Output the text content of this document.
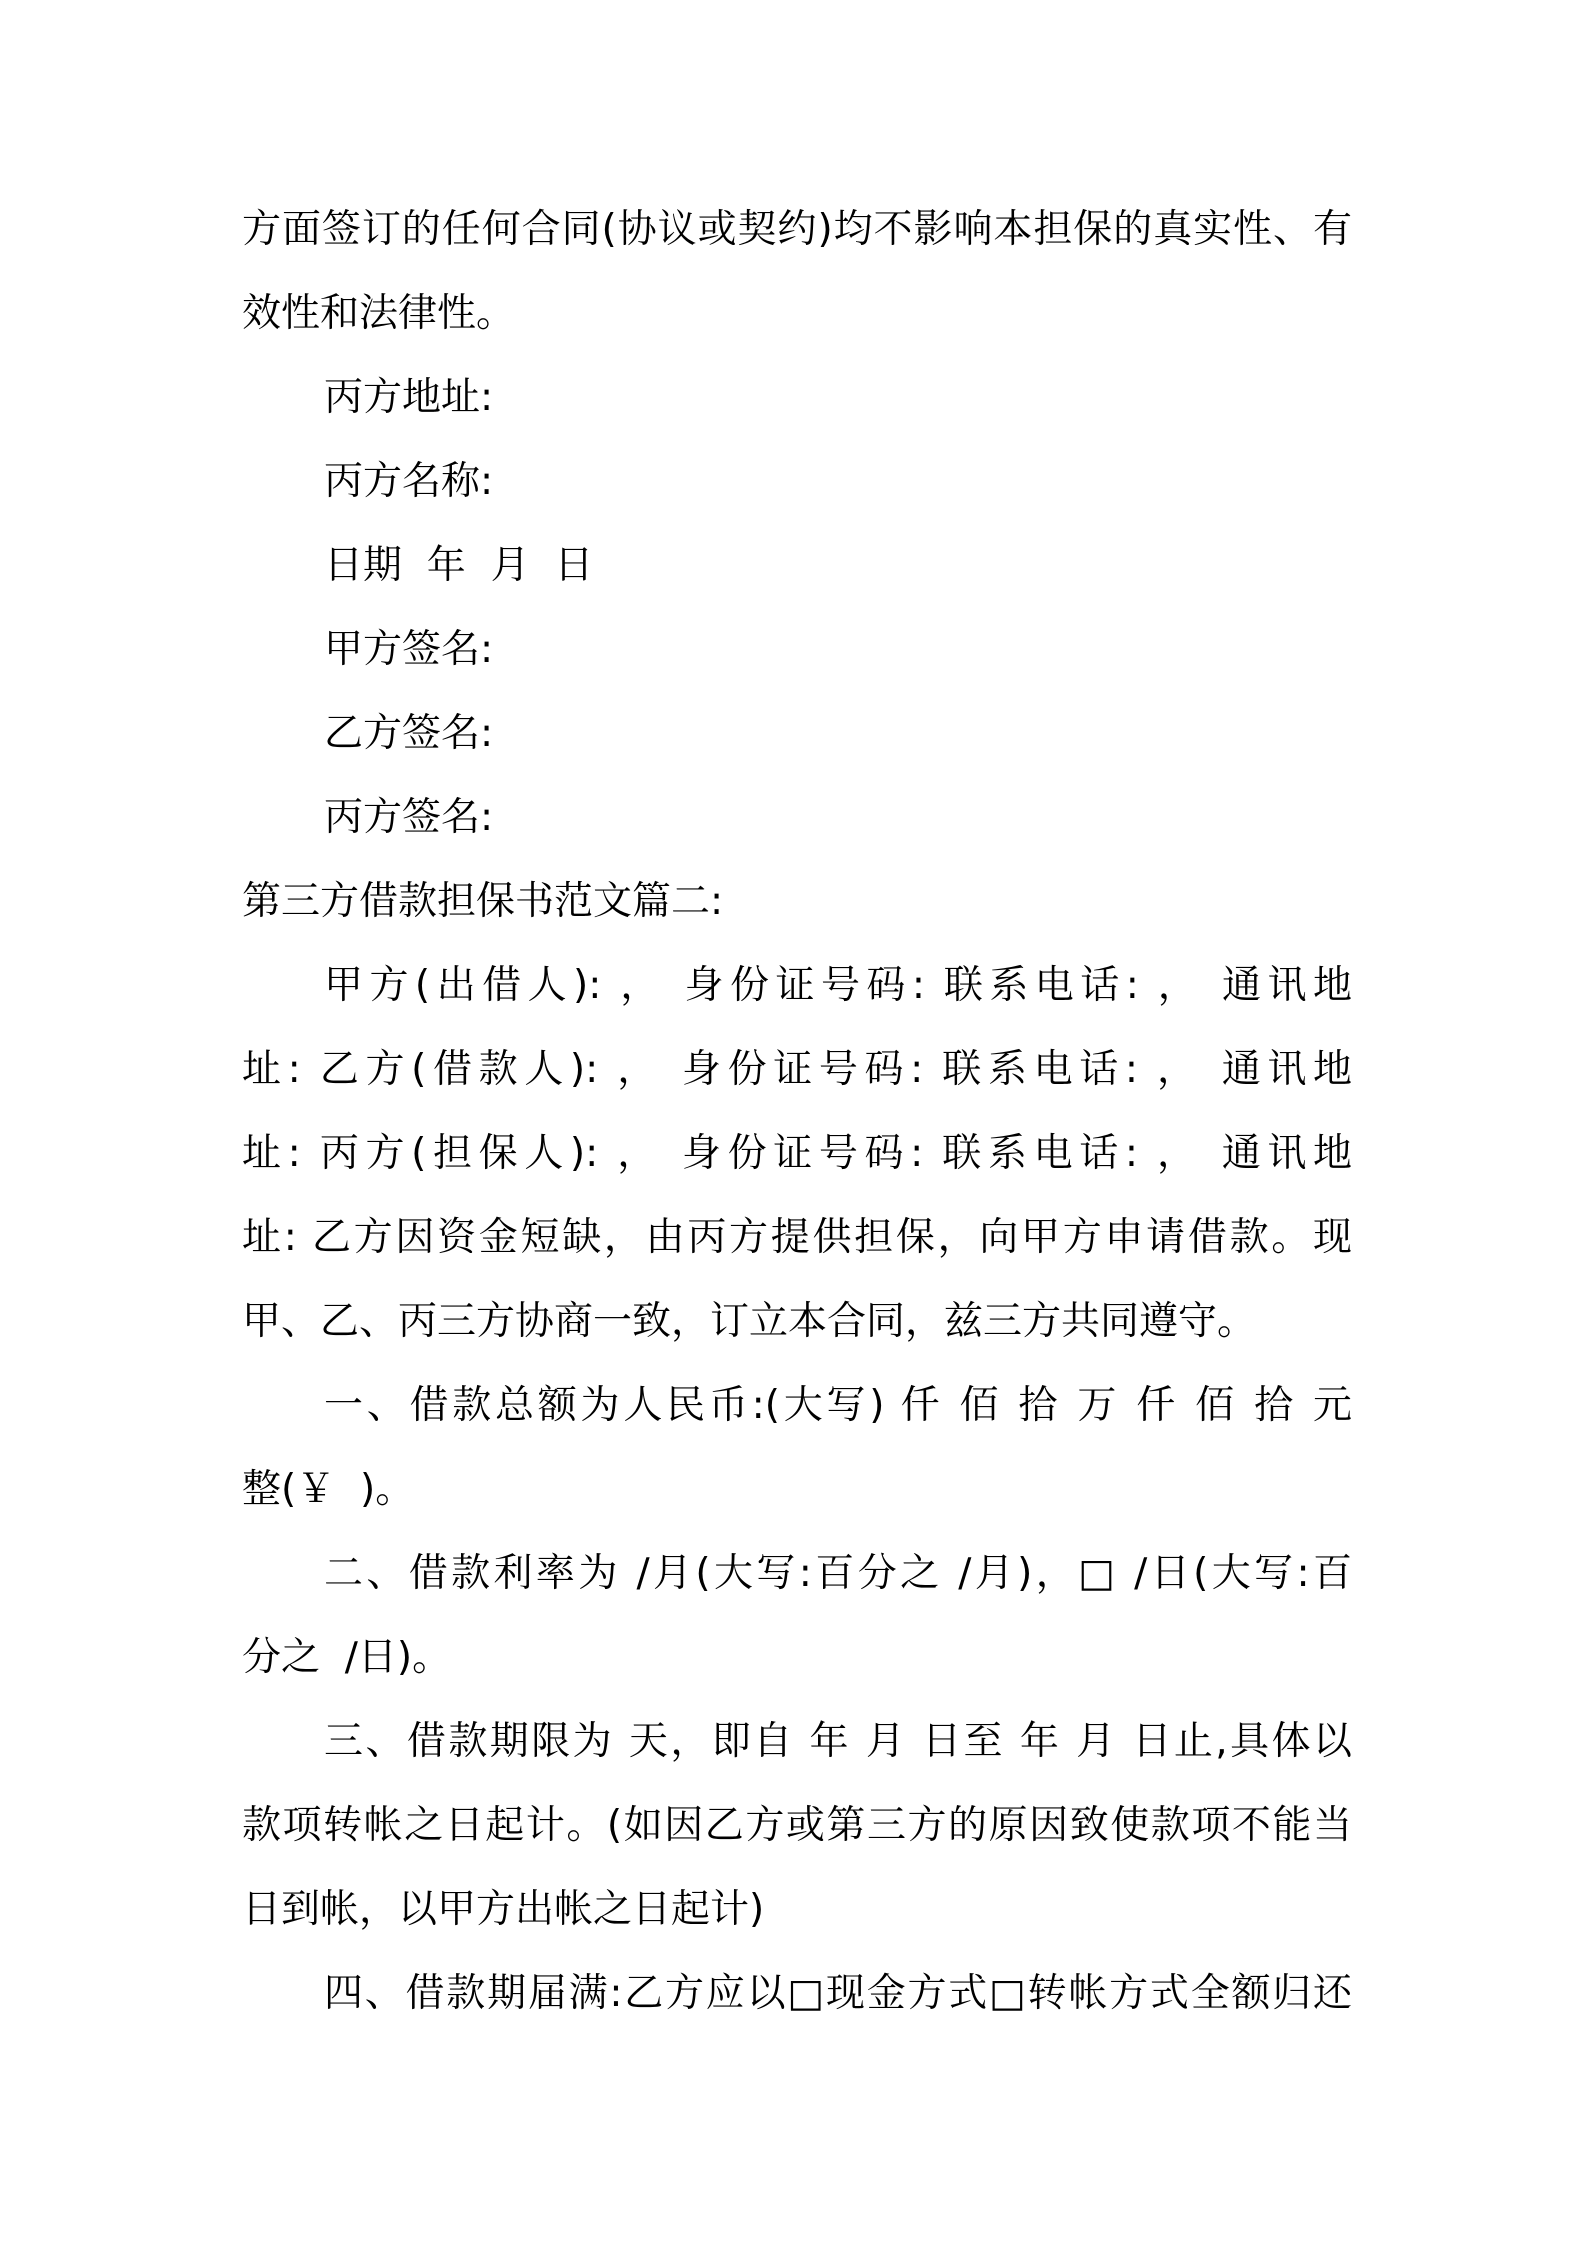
方面签订的任何合同(协议或契约)均不影响本担保的真实性、有
效性和法律性。
丙方地址:
丙方名称:
日期  年  月  日
甲方签名:
乙方签名:
丙方签名:
第三方借款担保书范文篇二:
甲方(出借人): ， 身份证号码: 联系电话: ， 通讯地
址: 乙方(借款人): ， 身份证号码: 联系电话: ， 通讯地
址: 丙方(担保人): ， 身份证号码: 联系电话: ， 通讯地
址: 乙方因资金短缺，由丙方提供担保，向甲方申请借款。现
甲、乙、丙三方协商一致，订立本合同，兹三方共同遵守。
一、借款总额为人民币:(大写) 仟 佰 拾 万 仟 佰 拾 元
整(￥  )。
二、借款利率为 /月(大写:百分之 /月)，□ /日(大写:百
分之  /日)。
三、借款期限为 天，即自 年 月 日至 年 月 日止,具体以
款项转帐之日起计。(如因乙方或第三方的原因致使款项不能当
日到帐，以甲方出帐之日起计)
四、借款期届满:乙方应以□现金方式□转帐方式全额归还
